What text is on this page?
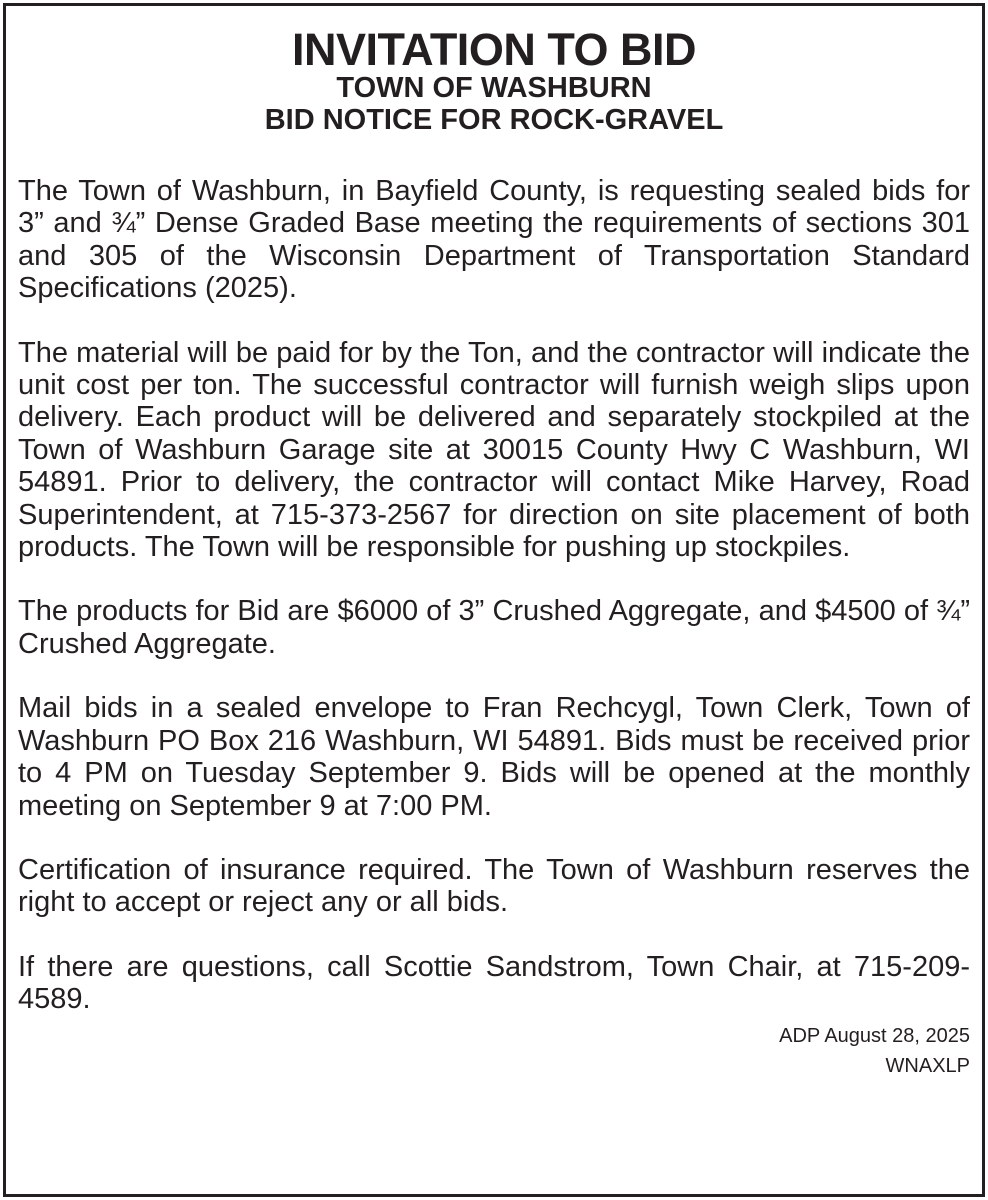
INVITATION TO BID
TOWN OF WASHBURN
BID NOTICE FOR ROCK-GRAVEL

The Town of Washburn, in Bayfield County, is requesting sealed bids for 3” and ¾” Dense Graded Base meeting the requirements of sections 301 and 305 of the Wisconsin Department of Transportation Standard Specifications (2025).

The material will be paid for by the Ton, and the contractor will indicate the unit cost per ton. The successful contractor will furnish weigh slips upon delivery. Each product will be delivered and separately stockpiled at the Town of Washburn Garage site at 30015 County Hwy C Washburn, WI 54891. Prior to delivery, the contractor will contact Mike Harvey, Road Superintendent, at 715-373-2567 for direction on site placement of both products. The Town will be responsible for pushing up stockpiles.

The products for Bid are $6000 of 3” Crushed Aggregate, and $4500 of ¾” Crushed Aggregate.

Mail bids in a sealed envelope to Fran Rechcygl, Town Clerk, Town of Washburn PO Box 216 Washburn, WI 54891. Bids must be received prior to 4 PM on Tuesday September 9. Bids will be opened at the monthly meeting on September 9 at 7:00 PM.

Certification of insurance required. The Town of Washburn reserves the right to accept or reject any or all bids.

If there are questions, call Scottie Sandstrom, Town Chair, at 715-209-4589.

ADP August 28, 2025
WNAXLP
